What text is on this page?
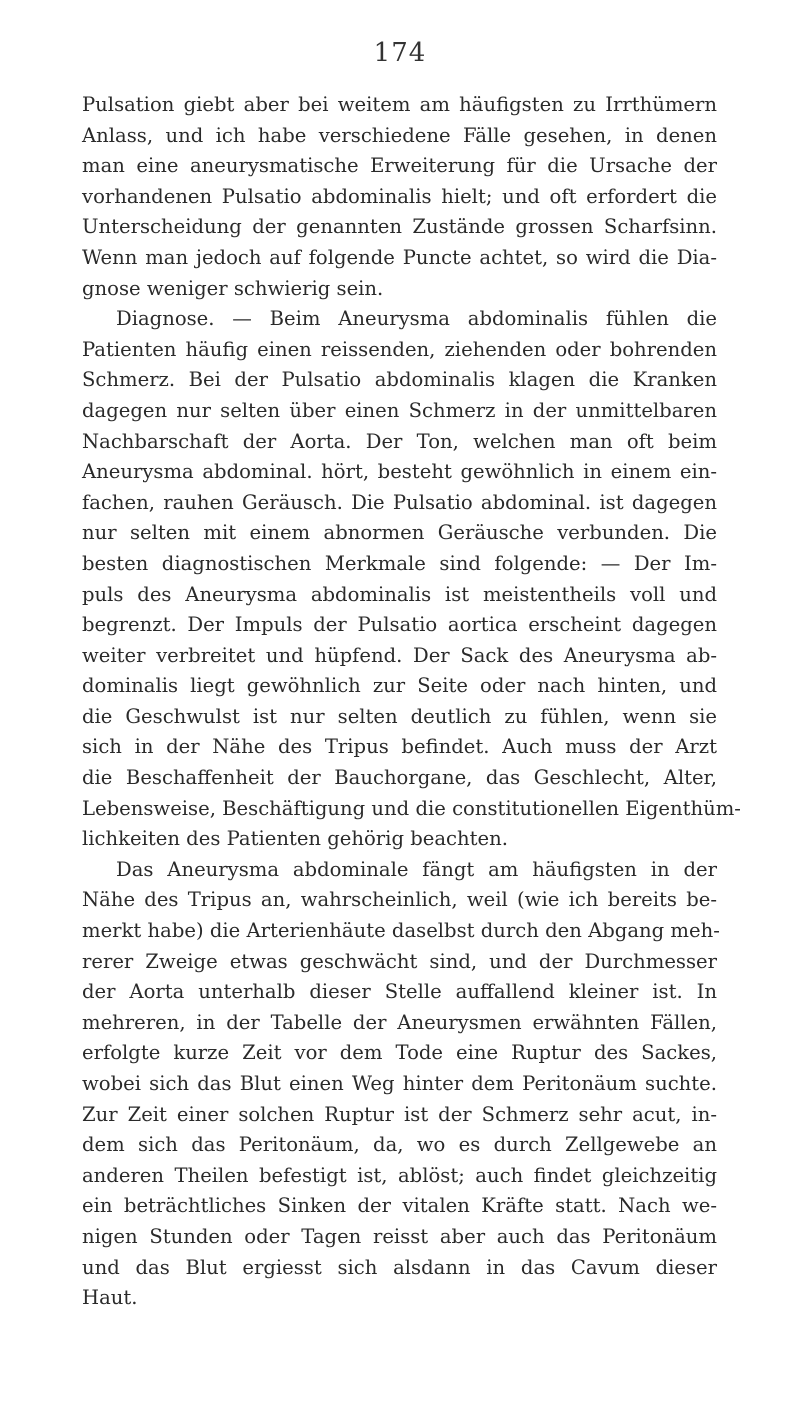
174
Pulsation giebt aber bei weitem am häufigsten zu Irrthümern
Anlass, und ich habe verschiedene Fälle gesehen, in denen
man eine aneurysmatische Erweiterung für die Ursache der
vorhandenen Pulsatio abdominalis hielt; und oft erfordert die
Unterscheidung der genannten Zustände grossen Scharfsinn.
Wenn man jedoch auf folgende Puncte achtet, so wird die Dia-
gnose weniger schwierig sein.
Diagnose. — Beim Aneurysma abdominalis fühlen die
Patienten häufig einen reissenden, ziehenden oder bohrenden
Schmerz. Bei der Pulsatio abdominalis klagen die Kranken
dagegen nur selten über einen Schmerz in der unmittelbaren
Nachbarschaft der Aorta. Der Ton, welchen man oft beim
Aneurysma abdominal. hört, besteht gewöhnlich in einem ein-
fachen, rauhen Geräusch. Die Pulsatio abdominal. ist dagegen
nur selten mit einem abnormen Geräusche verbunden. Die
besten diagnostischen Merkmale sind folgende: — Der Im-
puls des Aneurysma abdominalis ist meistentheils voll und
begrenzt. Der Impuls der Pulsatio aortica erscheint dagegen
weiter verbreitet und hüpfend. Der Sack des Aneurysma ab-
dominalis liegt gewöhnlich zur Seite oder nach hinten, und
die Geschwulst ist nur selten deutlich zu fühlen, wenn sie
sich in der Nähe des Tripus befindet. Auch muss der Arzt
die Beschaffenheit der Bauchorgane, das Geschlecht, Alter,
Lebensweise, Beschäftigung und die constitutionellen Eigenthüm-
lichkeiten des Patienten gehörig beachten.
Das Aneurysma abdominale fängt am häufigsten in der
Nähe des Tripus an, wahrscheinlich, weil (wie ich bereits be-
merkt habe) die Arterienhäute daselbst durch den Abgang meh-
rerer Zweige etwas geschwächt sind, und der Durchmesser
der Aorta unterhalb dieser Stelle auffallend kleiner ist. In
mehreren, in der Tabelle der Aneurysmen erwähnten Fällen,
erfolgte kurze Zeit vor dem Tode eine Ruptur des Sackes,
wobei sich das Blut einen Weg hinter dem Peritonäum suchte.
Zur Zeit einer solchen Ruptur ist der Schmerz sehr acut, in-
dem sich das Peritonäum, da, wo es durch Zellgewebe an
anderen Theilen befestigt ist, ablöst; auch findet gleichzeitig
ein beträchtliches Sinken der vitalen Kräfte statt. Nach we-
nigen Stunden oder Tagen reisst aber auch das Peritonäum
und das Blut ergiesst sich alsdann in das Cavum dieser
Haut.
